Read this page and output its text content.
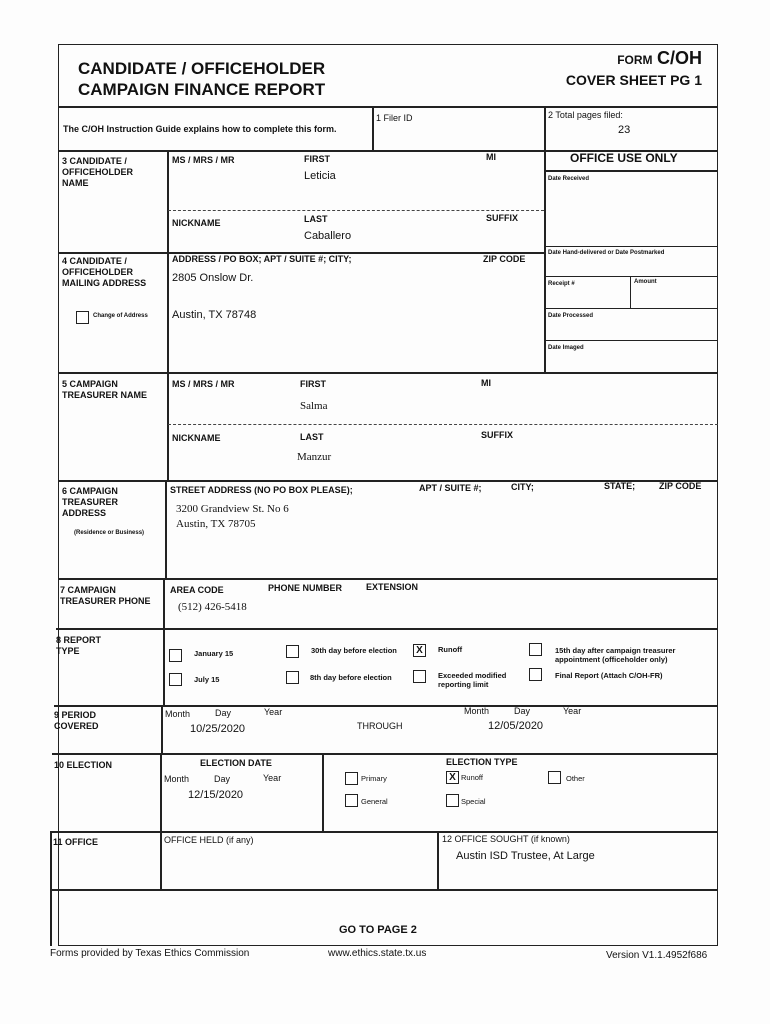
CANDIDATE / OFFICEHOLDER
CAMPAIGN FINANCE REPORT
FORM C/OH
COVER SHEET PG 1
The C/OH Instruction Guide explains how to complete this form.
1 Filer ID	2 Total pages filed:
23
3 CANDIDATE / OFFICEHOLDER NAME
MS / MRS / MR	FIRST	MI
Leticia
NICKNAME	LAST	SUFFIX
Caballero
OFFICE USE ONLY
Date Received
Date Hand-delivered or Date Postmarked
Receipt #	Amount
Date Processed
Date Imaged
4 CANDIDATE / OFFICEHOLDER MAILING ADDRESS
ADDRESS / PO BOX; APT / SUITE #; CITY;	ZIP CODE
2805 Onslow Dr.
Austin, TX 78748
Change of Address
5 CAMPAIGN TREASURER NAME
MS / MRS / MR	FIRST	MI
Salma
NICKNAME	LAST	SUFFIX
Manzur
6 CAMPAIGN TREASURER ADDRESS
(Residence or Business)
STREET ADDRESS (NO PO BOX PLEASE);	APT / SUITE #;	CITY;	STATE;	ZIP CODE
3200 Grandview St. No 6
Austin, TX 78705
7 CAMPAIGN TREASURER PHONE
AREA CODE	PHONE NUMBER	EXTENSION
(512) 426-5418
8 REPORT TYPE	January 15
July 15
30th day before election
8th day before election
X	Runoff
Exceeded modified reporting limit
15th day after campaign treasurer appointment (officeholder only)
Final Report (Attach C/OH-FR)
9 PERIOD COVERED
Month	Day	Year
10/25/2020	THROUGH
Month	Day	Year
12/05/2020
10 ELECTION	ELECTION DATE
Month	Day	Year
12/15/2020
ELECTION TYPE
Primary
General
X Runoff
Special
Other
11 OFFICE	OFFICE HELD (if any)	12 OFFICE SOUGHT (if known)
Austin ISD Trustee, At Large
GO TO PAGE 2
Forms provided by Texas Ethics Commission	www.ethics.state.tx.us	Version V1.1.4952f686
